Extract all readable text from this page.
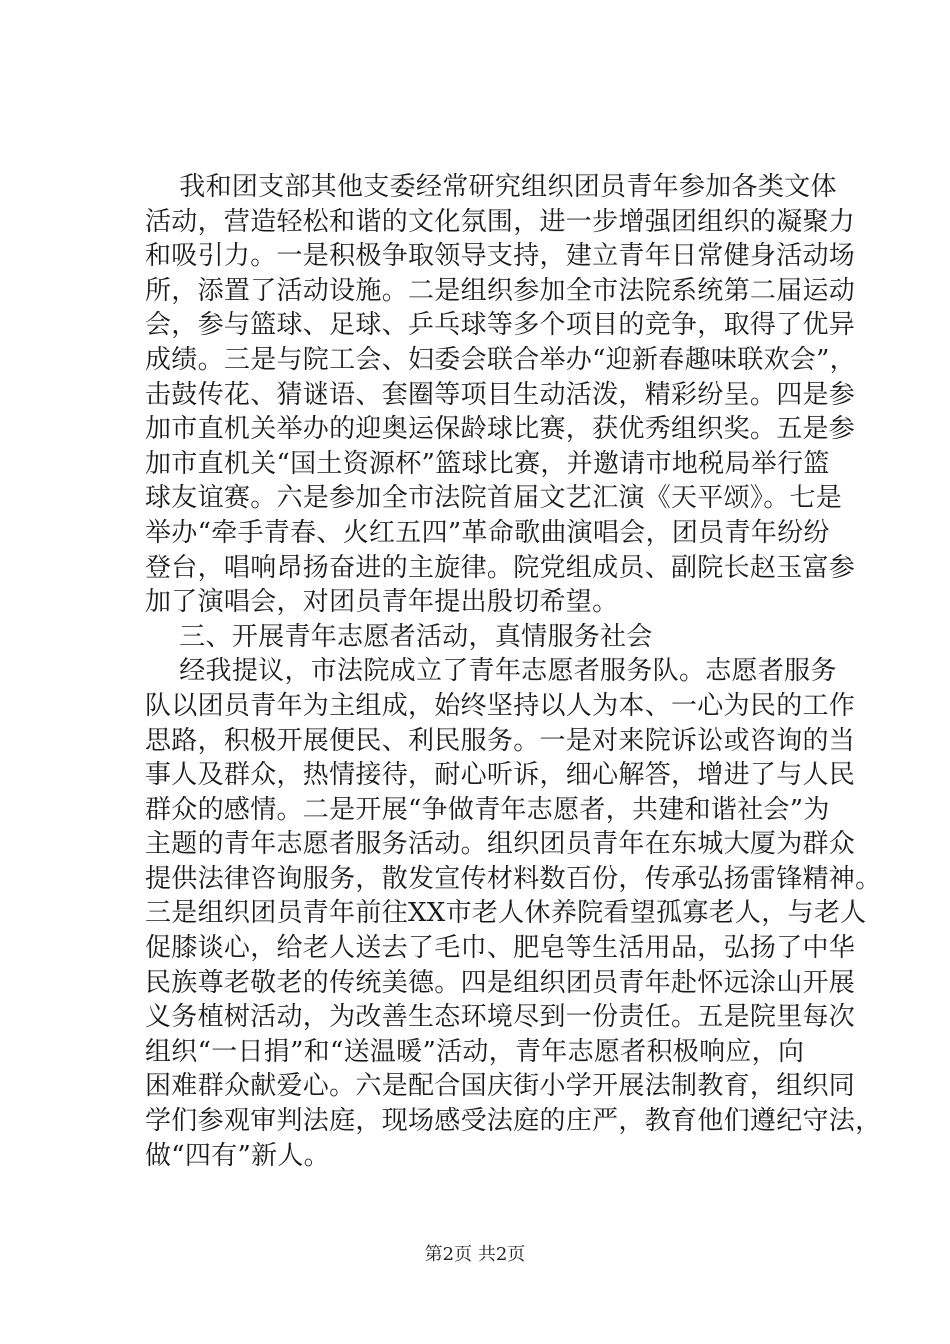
我和团支部其他支委经常研究组织团员青年参加各类文体
活动，营造轻松和谐的文化氛围，进一步增强团组织的凝聚力
和吸引力。一是积极争取领导支持，建立青年日常健身活动场
所，添置了活动设施。二是组织参加全市法院系统第二届运动
会，参与篮球、足球、乒乓球等多个项目的竞争，取得了优异
成绩。三是与院工会、妇委会联合举办“迎新春趣味联欢会”，
击鼓传花、猜谜语、套圈等项目生动活泼，精彩纷呈。四是参
加市直机关举办的迎奥运保龄球比赛，获优秀组织奖。五是参
加市直机关“国土资源杯”篮球比赛，并邀请市地税局举行篮
球友谊赛。六是参加全市法院首届文艺汇演《天平颂》。七是
举办“牵手青春、火红五四”革命歌曲演唱会，团员青年纷纷
登台，唱响昂扬奋进的主旋律。院党组成员、副院长赵玉富参
加了演唱会，对团员青年提出殷切希望。
三、开展青年志愿者活动，真情服务社会
经我提议，市法院成立了青年志愿者服务队。志愿者服务
队以团员青年为主组成，始终坚持以人为本、一心为民的工作
思路，积极开展便民、利民服务。一是对来院诉讼或咨询的当
事人及群众，热情接待，耐心听诉，细心解答，增进了与人民
群众的感情。二是开展“争做青年志愿者，共建和谐社会”为
主题的青年志愿者服务活动。组织团员青年在东城大厦为群众
提供法律咨询服务，散发宣传材料数百份，传承弘扬雷锋精神。
三是组织团员青年前往XX市老人休养院看望孤寡老人，与老人
促膝谈心，给老人送去了毛巾、肥皂等生活用品，弘扬了中华
民族尊老敬老的传统美德。四是组织团员青年赴怀远涂山开展
义务植树活动，为改善生态环境尽到一份责任。五是院里每次
组织“一日捐”和“送温暖”活动，青年志愿者积极响应，向
困难群众献爱心。六是配合国庆街小学开展法制教育，组织同
学们参观审判法庭，现场感受法庭的庄严，教育他们遵纪守法，
做“四有”新人。
第2页 共2页
